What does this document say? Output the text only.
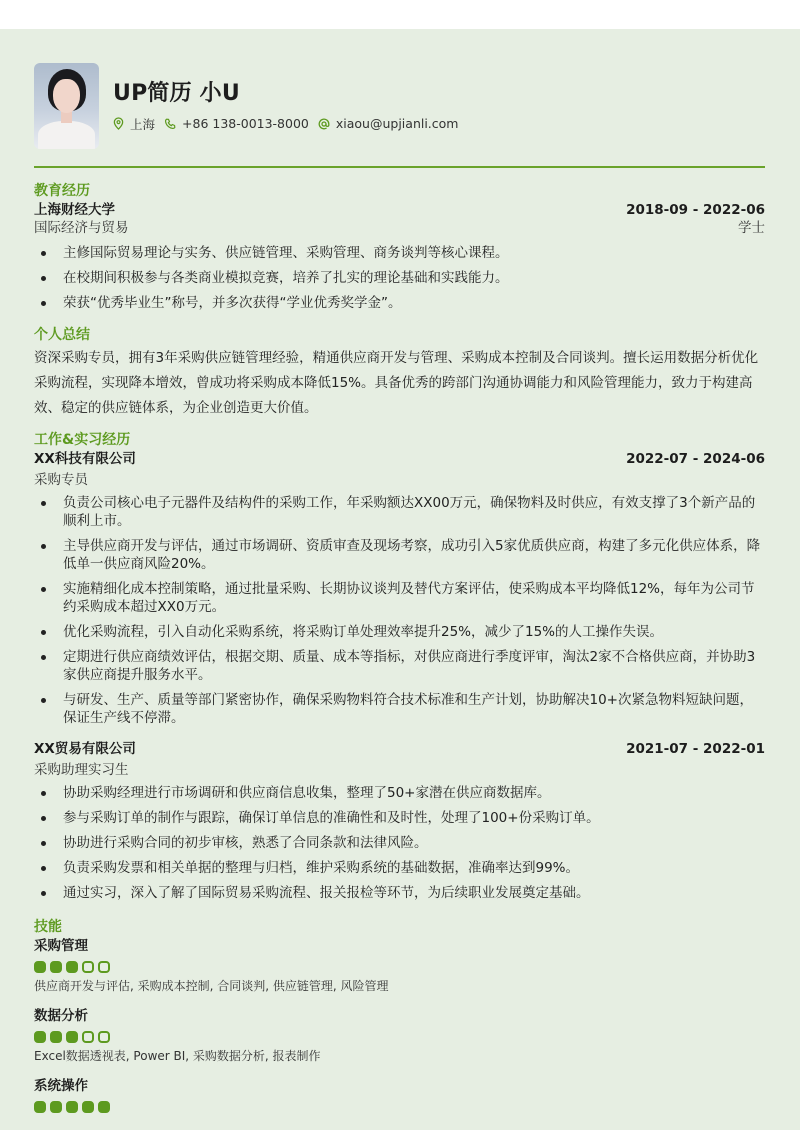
UP简历 小U
上海 +86 138-0013-8000 xiaou@upjianli.com
教育经历
上海财经大学	2018-09 - 2022-06
国际经济与贸易	学士
主修国际贸易理论与实务、供应链管理、采购管理、商务谈判等核心课程。
在校期间积极参与各类商业模拟竞赛，培养了扎实的理论基础和实践能力。
荣获“优秀毕业生”称号，并多次获得“学业优秀奖学金”。
个人总结
资深采购专员，拥有3年采购供应链管理经验，精通供应商开发与管理、采购成本控制及合同谈判。擅长运用数据分析优化采购流程，实现降本增效，曾成功将采购成本降低15%。具备优秀的跨部门沟通协调能力和风险管理能力，致力于构建高效、稳定的供应链体系，为企业创造更大价值。
工作&实习经历
XX科技有限公司	2022-07 - 2024-06
采购专员
负责公司核心电子元器件及结构件的采购工作，年采购额达XX00万元，确保物料及时供应，有效支撑了3个新产品的顺利上市。
主导供应商开发与评估，通过市场调研、资质审查及现场考察，成功引入5家优质供应商，构建了多元化供应体系，降低单一供应商风险20%。
实施精细化成本控制策略，通过批量采购、长期协议谈判及替代方案评估，使采购成本平均降低12%，每年为公司节约采购成本超过XX0万元。
优化采购流程，引入自动化采购系统，将采购订单处理效率提升25%，减少了15%的人工操作失误。
定期进行供应商绩效评估，根据交期、质量、成本等指标，对供应商进行季度评审，淘汰2家不合格供应商，并协助3家供应商提升服务水平。
与研发、生产、质量等部门紧密协作，确保采购物料符合技术标准和生产计划，协助解决10+次紧急物料短缺问题，保证生产线不停滞。
XX贸易有限公司	2021-07 - 2022-01
采购助理实习生
协助采购经理进行市场调研和供应商信息收集，整理了50+家潜在供应商数据库。
参与采购订单的制作与跟踪，确保订单信息的准确性和及时性，处理了100+份采购订单。
协助进行采购合同的初步审核，熟悉了合同条款和法律风险。
负责采购发票和相关单据的整理与归档，维护采购系统的基础数据，准确率达到99%。
通过实习，深入了解了国际贸易采购流程、报关报检等环节，为后续职业发展奠定基础。
技能
采购管理
供应商开发与评估, 采购成本控制, 合同谈判, 供应链管理, 风险管理
数据分析
Excel数据透视表, Power BI, 采购数据分析, 报表制作
系统操作
